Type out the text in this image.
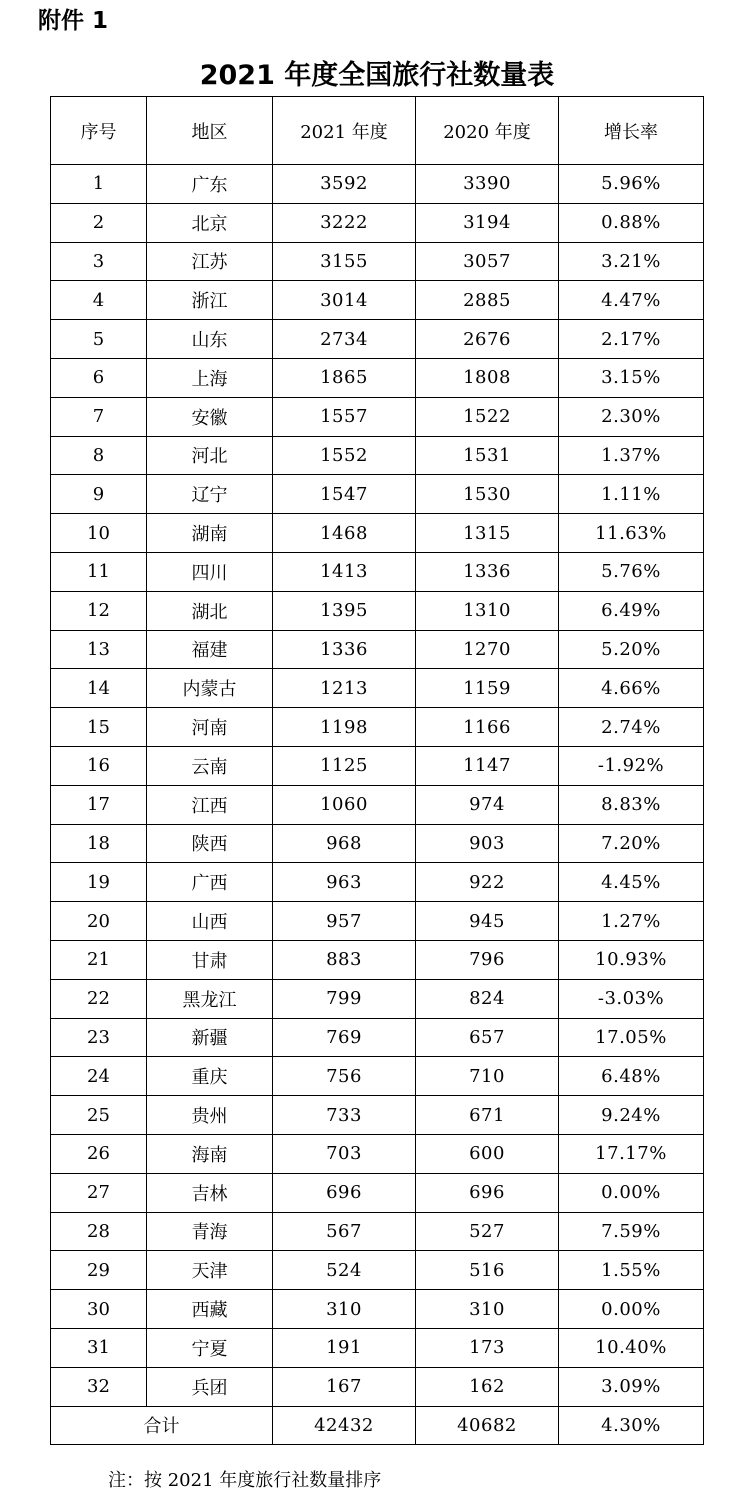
附件 1
2021 年度全国旅行社数量表
序号	地区	2021 年度	2020 年度	增长率
1	广东	3592	3390	5.96%
2	北京	3222	3194	0.88%
3	江苏	3155	3057	3.21%
4	浙江	3014	2885	4.47%
5	山东	2734	2676	2.17%
6	上海	1865	1808	3.15%
7	安徽	1557	1522	2.30%
8	河北	1552	1531	1.37%
9	辽宁	1547	1530	1.11%
10	湖南	1468	1315	11.63%
11	四川	1413	1336	5.76%
12	湖北	1395	1310	6.49%
13	福建	1336	1270	5.20%
14	内蒙古	1213	1159	4.66%
15	河南	1198	1166	2.74%
16	云南	1125	1147	-1.92%
17	江西	1060	974	8.83%
18	陕西	968	903	7.20%
19	广西	963	922	4.45%
20	山西	957	945	1.27%
21	甘肃	883	796	10.93%
22	黑龙江	799	824	-3.03%
23	新疆	769	657	17.05%
24	重庆	756	710	6.48%
25	贵州	733	671	9.24%
26	海南	703	600	17.17%
27	吉林	696	696	0.00%
28	青海	567	527	7.59%
29	天津	524	516	1.55%
30	西藏	310	310	0.00%
31	宁夏	191	173	10.40%
32	兵团	167	162	3.09%
合计		42432	40682	4.30%
注：按 2021 年度旅行社数量排序
